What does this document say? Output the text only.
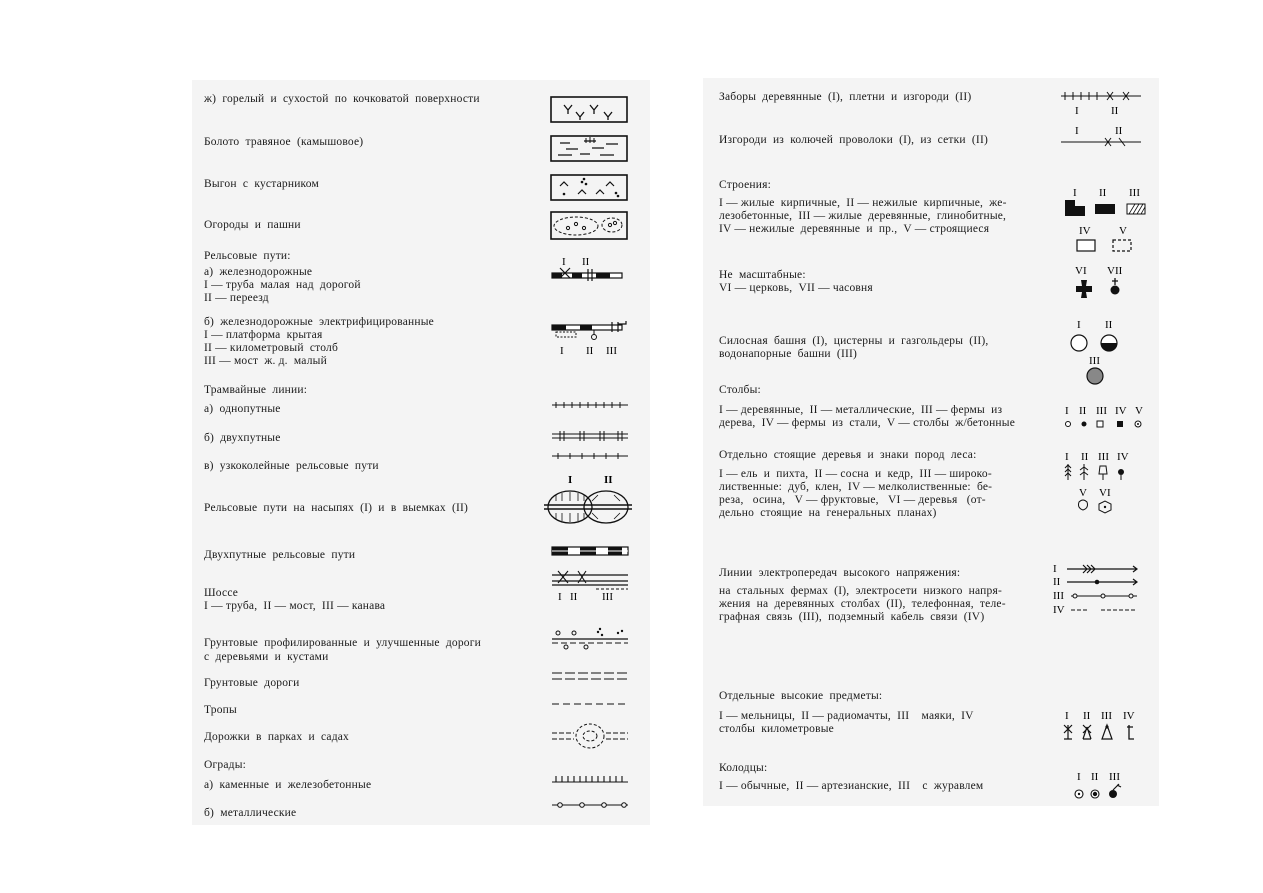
ж)  горелый  и  сухостой  по  кочковатой  поверхности
Болото  травяное  (камышовое)
Выгон  с  кустарником
Огороды  и  пашни
Рельсовые  пути:
а)  железнодорожные
I — труба  малая  над  дорогой
II — переезд
I II
б)  железнодорожные  электрифицированные
I — платформа  крытая
II — километровый  столб
III — мост  ж. д.  малый
I II III
Трамвайные  линии:
а)  однопутные
б)  двухпутные
в)  узкоколейные  рельсовые  пути
Рельсовые  пути  на  насыпях  (I)  и  в  выемках  (II)
I	II
Двухпутные  рельсовые  пути
Шоссе
I — труба,  II — мост,  III — канава
I II III
Грунтовые  профилированные  и  улучшенные  дороги
с  деревьями  и  кустами
Грунтовые  дороги
Тропы
Дорожки  в  парках  и  садах
Ограды:
а)  каменные  и  железобетонные
б)  металлические
Заборы  деревянные  (I),  плетни  и  изгороди  (II)
I	II
Изгороди  из  колючей  проволоки  (I),  из  сетки  (II)
I	II
Строения:
I — жилые  кирпичные,  II — нежилые  кирпичные,  же-
лезобетонные,  III — жилые  деревянные,  глинобитные,
IV — нежилые  деревянные  и  пр.,  V — строящиеся
I II III
IV	V
Не  масштабные:
VI — церковь,  VII — часовня
VI VII
Силосная  башня  (I),  цистерны  и  газгольдеры  (II),
водонапорные  башни  (III)
I II
III
Столбы:
I — деревянные,  II — металлические,  III — фермы  из
дерева,  IV — фермы  из  стали,  V — столбы  ж/бетонные
I II III IV V
Отдельно  стоящие  деревья  и  знаки  пород  леса:
I — ель  и  пихта,  II — сосна  и  кедр,  III — широко-
лиственные:  дуб,  клен,  IV — мелколиственные:  бе-
реза,   осина,   V — фруктовые,   VI — деревья   (от-
дельно  стоящие  на  генеральных  планах)
I II III IV
V VI
Линии  электропередач  высокого  напряжения:
на  стальных  фермах  (I),  электросети  низкого  напря-
жения  на  деревянных  столбах  (II),  телефонная,  теле-
графная  связь  (III),  подземный  кабель  связи  (IV)
I
II
III
IV
Отдельные  высокие  предметы:
I — мельницы,  II — радиомачты,  III    маяки,  IV
столбы  километровые
I II III IV
Колодцы:
I — обычные,  II — артезианские,  III    с  журавлем
I II III
